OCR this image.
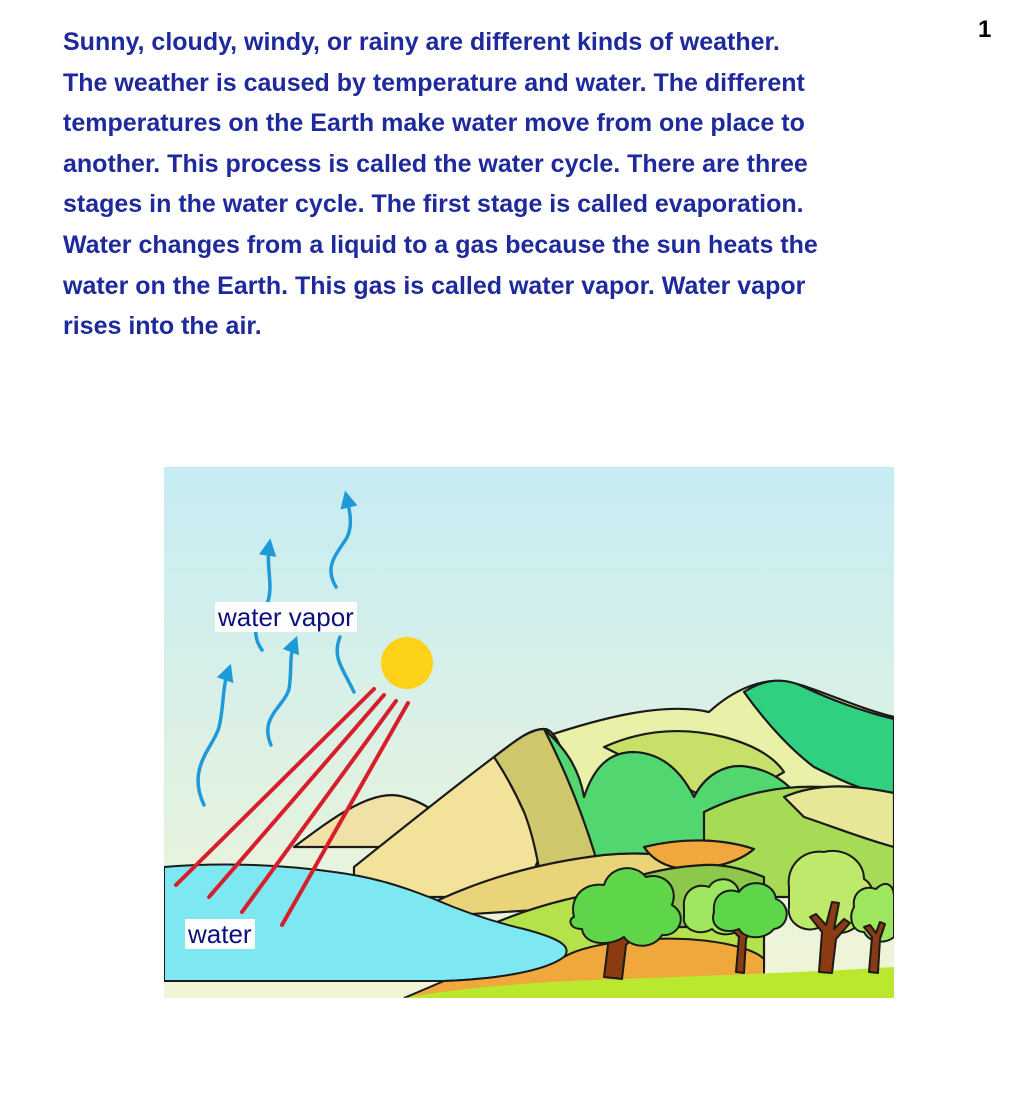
1
Sunny, cloudy, windy, or rainy are different kinds of weather.
The weather is caused by temperature and water. The different
temperatures on the Earth make water move from one place to
another. This process is called the water cycle. There are three
stages in the water cycle. The first stage is called evaporation.
Water changes from a liquid to a gas because the sun heats the
water on the Earth. This gas is called water vapor. Water vapor
rises into the air.
water vapor
water
